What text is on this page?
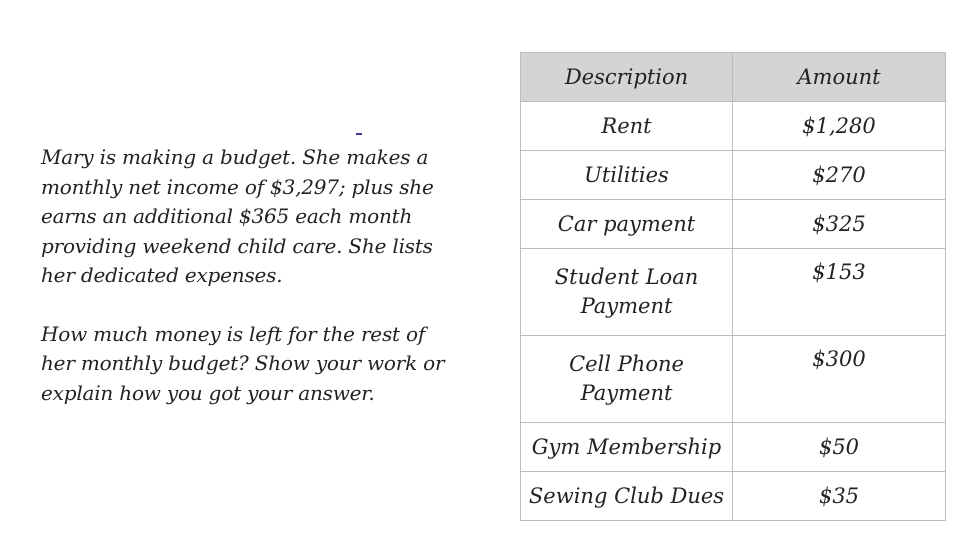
Mary is making a budget. She makes a
monthly net income of $3,297; plus she
earns an additional $365 each month
providing weekend child care. She lists
her dedicated expenses.

How much money is left for the rest of
her monthly budget? Show your work or
explain how you got your answer.

Description	Amount
Rent	$1,280
Utilities	$270
Car payment	$325
Student Loan Payment	$153
Cell Phone Payment	$300
Gym Membership	$50
Sewing Club Dues	$35
